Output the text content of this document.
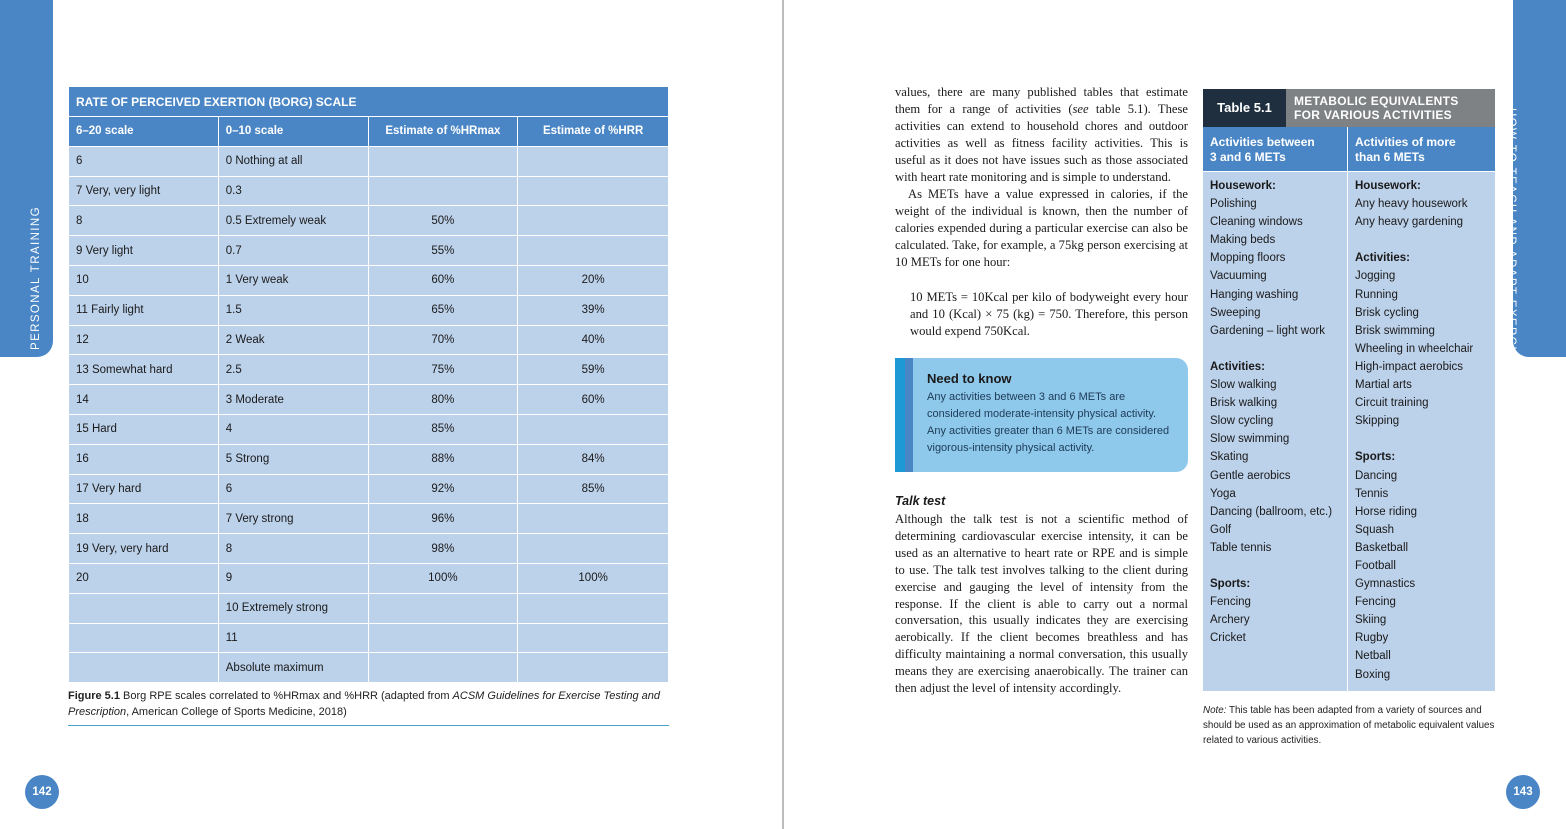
PERSONAL TRAINING
RATE OF PERCEIVED EXERTION (BORG) SCALE			
6–20 scale	0–10 scale	Estimate of %HRmax	Estimate of %HRR
6	0 Nothing at all		
7 Very, very light	0.3		
8	0.5 Extremely weak	50%	
9 Very light	0.7	55%	
10	1 Very weak	60%	20%
11 Fairly light	1.5	65%	39%
12	2 Weak	70%	40%
13 Somewhat hard	2.5	75%	59%
14	3 Moderate	80%	60%
15 Hard	4	85%	
16	5 Strong	88%	84%
17 Very hard	6	92%	85%
18	7 Very strong	96%	
19 Very, very hard	8	98%	
20	9	100%	100%
	10 Extremely strong		
	11		
	Absolute maximum		
Figure 5.1 Borg RPE scales correlated to %HRmax and %HRR (adapted from ACSM Guidelines for Exercise Testing and Prescription, American College of Sports Medicine, 2018)
142
HOW TO TEACH AND ADAPT EXERCISES
values, there are many published tables that estimate them for a range of activities (see table 5.1). These activities can extend to household chores and outdoor activities as well as fitness facility activities. This is useful as it does not have issues such as those associated with heart rate monitoring and is simple to understand.
As METs have a value expressed in calories, if the weight of the individual is known, then the number of calories expended during a particular exercise can also be calculated. Take, for example, a 75kg person exercising at 10 METs for one hour:
10 METs = 10Kcal per kilo of bodyweight every hour and 10 (Kcal) × 75 (kg) = 750. Therefore, this person would expend 750Kcal.
Need to know
Any activities between 3 and 6 METs are
considered moderate-intensity physical activity.
Any activities greater than 6 METs are considered
vigorous-intensity physical activity.
Talk test
Although the talk test is not a scientific method of determining cardiovascular exercise intensity, it can be used as an alternative to heart rate or RPE and is simple to use. The talk test involves talking to the client during exercise and gauging the level of intensity from the response. If the client is able to carry out a normal conversation, this usually indicates they are exercising aerobically. If the client becomes breathless and has difficulty maintaining a normal conversation, this usually means they are exercising anaerobically. The trainer can then adjust the level of intensity accordingly.
Table 5.1	METABOLIC EQUIVALENTS
FOR VARIOUS ACTIVITIES
Activities between
3 and 6 METs
Activities of more
than 6 METs
Housework:
Polishing
Cleaning windows
Making beds
Mopping floors
Vacuuming
Hanging washing
Sweeping
Gardening – light work
Activities:
Slow walking
Brisk walking
Slow cycling
Slow swimming
Skating
Gentle aerobics
Yoga
Dancing (ballroom, etc.)
Golf
Table tennis
Sports:
Fencing
Archery
Cricket
Housework:
Any heavy housework
Any heavy gardening
Activities:
Jogging
Running
Brisk cycling
Brisk swimming
Wheeling in wheelchair
High-impact aerobics
Martial arts
Circuit training
Skipping
Sports:
Dancing
Tennis
Horse riding
Squash
Basketball
Football
Gymnastics
Fencing
Skiing
Rugby
Netball
Boxing
Note: This table has been adapted from a variety of sources and should be used as an approximation of metabolic equivalent values related to various activities.
143
